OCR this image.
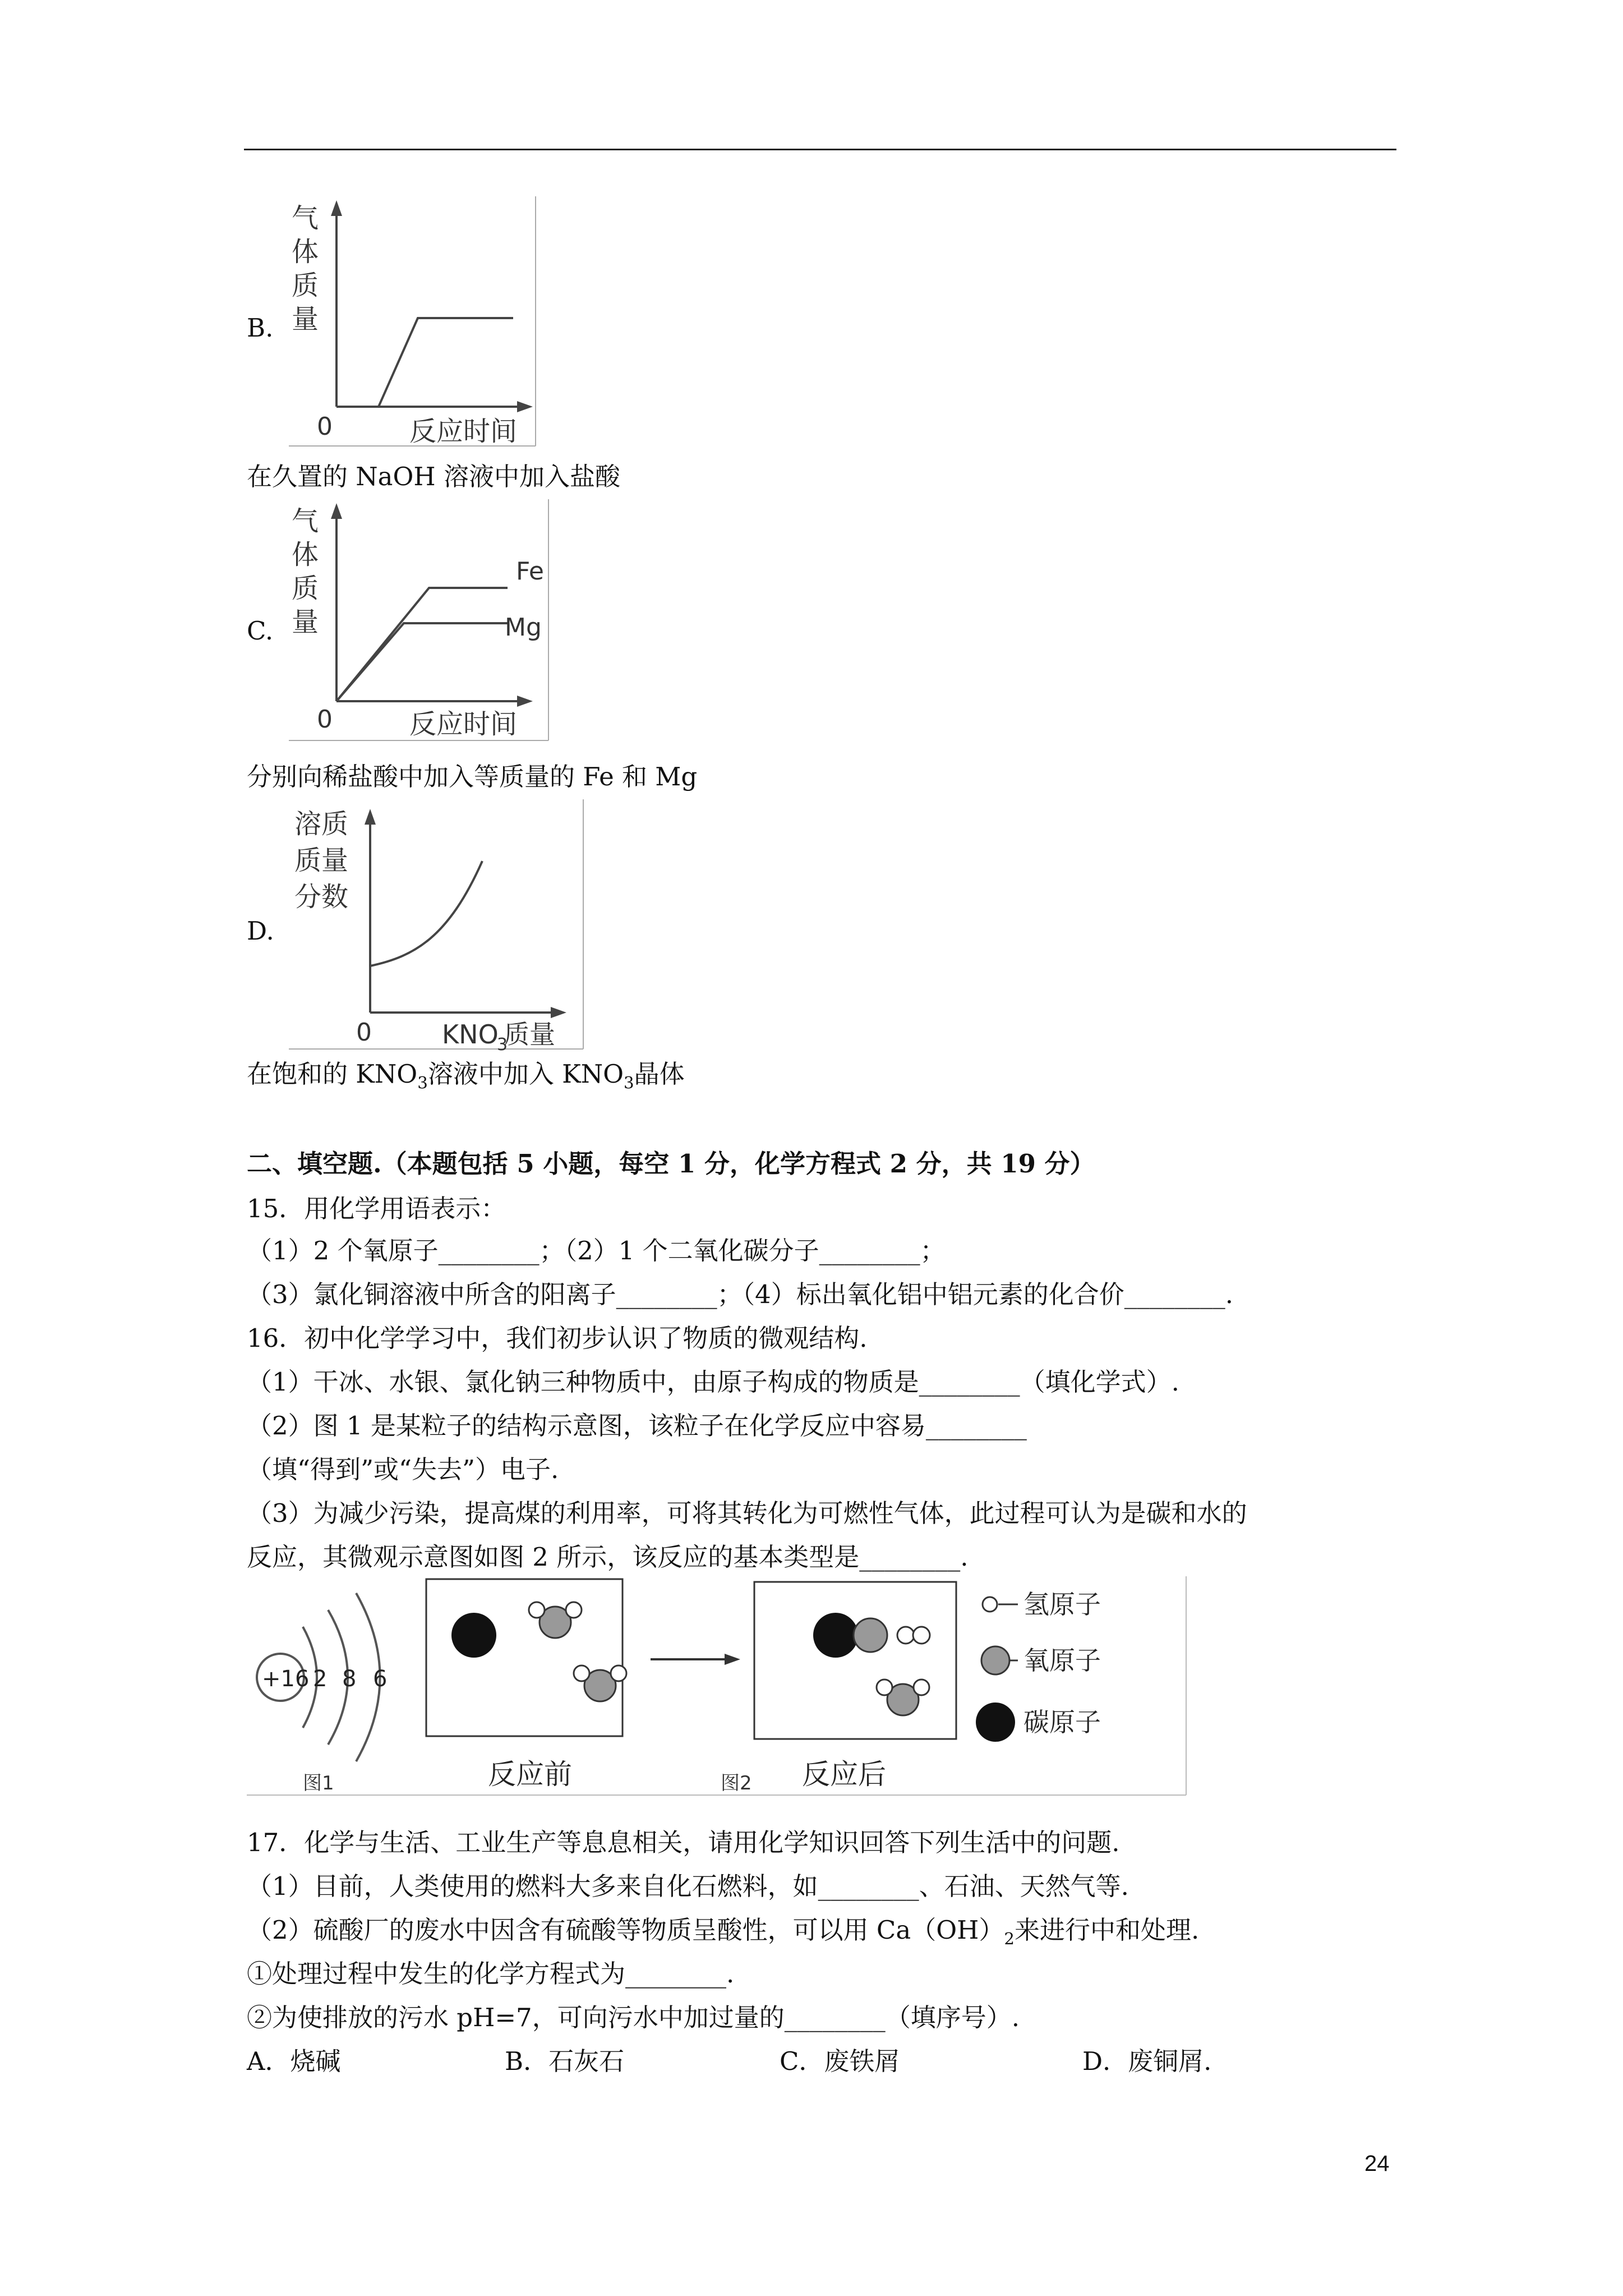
B.
气
体
质
量
0	反应时间
在久置的 NaOH 溶液中加入盐酸
C.
Fe
Mg
气
体
质
量
0	反应时间
分别向稀盐酸中加入等质量的 Fe 和 Mg
D.
溶质
质量
分数
0	KNO
3
质量
在饱和的 $KNO_3$溶液中加入 $KNO_3$晶体
二、填空题.（本题包括 5 小题，每空 1 分，化学方程式 2 分，共 19 分）
15．用化学用语表示：
（1）2 个氧原子________；（2）1 个二氧化碳分子________；
（3）氯化铜溶液中所含的阳离子________；（4）标出氧化铝中铝元素的化合价________.
16．初中化学学习中，我们初步认识了物质的微观结构.
（1）干冰、水银、氯化钠三种物质中，由原子构成的物质是________（填化学式）.
（2）图 1 是某粒子的结构示意图，该粒子在化学反应中容易________
（填“得到”或“失去”）电子.
（3）为减少污染，提高煤的利用率，可将其转化为可燃性气体，此过程可认为是碳和水的
反应，其微观示意图如图 2 所示，该反应的基本类型是________.
+16 2 8 6
图1	反应前	图2 反应后
氢原子
氧原子
碳原子
17．化学与生活、工业生产等息息相关，请用化学知识回答下列生活中的问题.
（1）目前，人类使用的燃料大多来自化石燃料，如________、石油、天然气等.
（2）硫酸厂的废水中因含有硫酸等物质呈酸性，可以用 $Ca(OH)_2$来进行中和处理.
①处理过程中发生的化学方程式为________.
②为使排放的污水 pH=7，可向污水中加过量的________（填序号）.
A．烧碱	B．石灰石	C．废铁屑	D．废铜屑.
24
